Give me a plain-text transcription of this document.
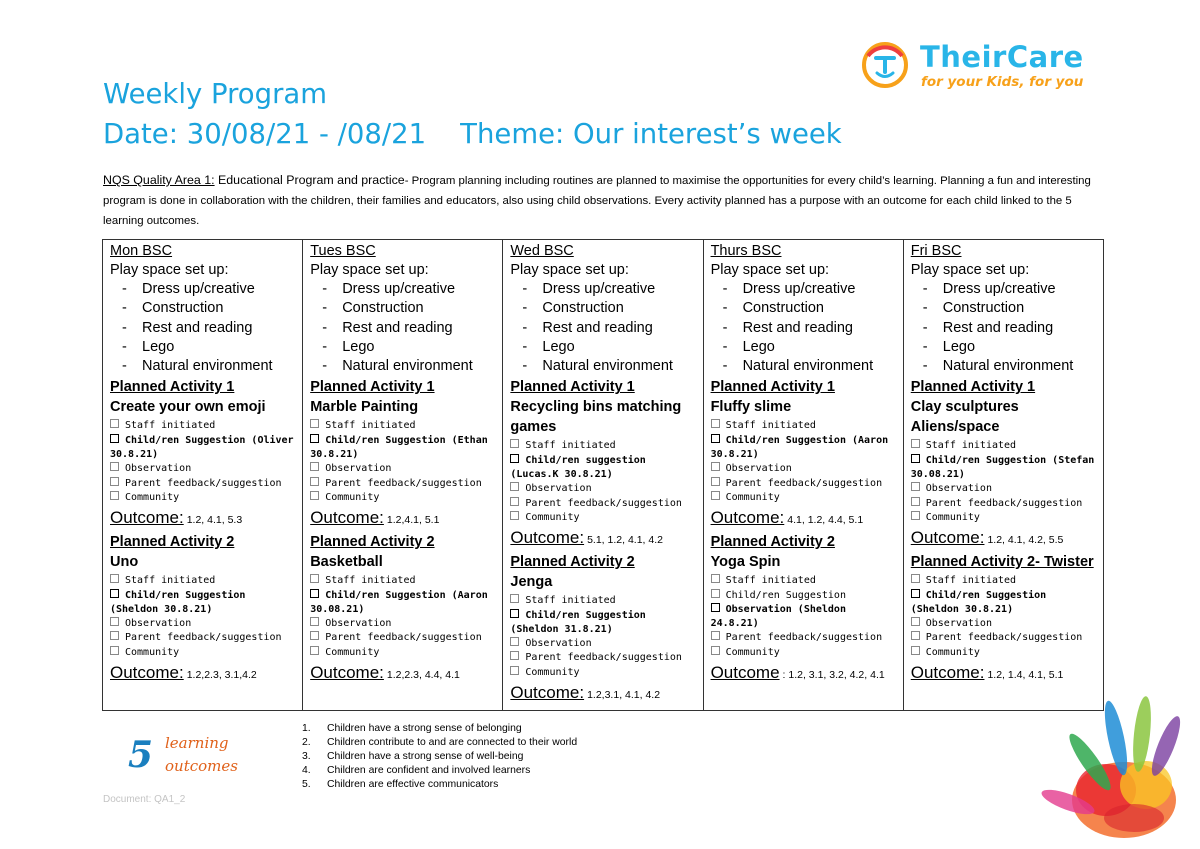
TheirCare
for your Kids, for you
Weekly Program
Date: 30/08/21 - /08/21 Theme: Our interest’s week

NQS Quality Area 1: Educational Program and practice- Program planning including routines are planned to maximise the opportunities for every child’s learning. Planning a fun and interesting program is done in collaboration with the children, their families and educators, also using child observations. Every activity planned has a purpose with an outcome for each child linked to the 5 learning outcomes.

Mon BSC
Play space set up:
- Dress up/creative
- Construction
- Rest and reading
- Lego
- Natural environment
Planned Activity 1
Create your own emoji
Staff initiated
Child/ren Suggestion (Oliver 30.8.21)
Observation
Parent feedback/suggestion
Community
Outcome: 1.2, 4.1, 5.3
Planned Activity 2
Uno
Staff initiated
Child/ren Suggestion (Sheldon 30.8.21)
Observation
Parent feedback/suggestion
Community
Outcome: 1.2,2.3, 3.1,4.2

Tues BSC
Play space set up:
- Dress up/creative
- Construction
- Rest and reading
- Lego
- Natural environment
Planned Activity 1
Marble Painting
Staff initiated
Child/ren Suggestion (Ethan 30.8.21)
Observation
Parent feedback/suggestion
Community
Outcome: 1.2,4.1, 5.1
Planned Activity 2
Basketball
Staff initiated
Child/ren Suggestion (Aaron 30.08.21)
Observation
Parent feedback/suggestion
Community
Outcome: 1.2,2.3, 4.4, 4.1

Wed BSC
Play space set up:
- Dress up/creative
- Construction
- Rest and reading
- Lego
- Natural environment
Planned Activity 1
Recycling bins matching games
Staff initiated
Child/ren suggestion (Lucas.K 30.8.21)
Observation
Parent feedback/suggestion
Community
Outcome: 5.1, 1.2, 4.1, 4.2
Planned Activity 2
Jenga
Staff initiated
Child/ren Suggestion (Sheldon 31.8.21)
Observation
Parent feedback/suggestion
Community
Outcome: 1.2,3.1, 4.1, 4.2

Thurs BSC
Play space set up:
- Dress up/creative
- Construction
- Rest and reading
- Lego
- Natural environment
Planned Activity 1
Fluffy slime
Staff initiated
Child/ren Suggestion (Aaron 30.8.21)
Observation
Parent feedback/suggestion
Community
Outcome: 4.1, 1.2, 4.4, 5.1
Planned Activity 2
Yoga Spin
Staff initiated
Child/ren Suggestion
Observation (Sheldon 24.8.21)
Parent feedback/suggestion
Community
Outcome : 1.2, 3.1, 3.2, 4.2, 4.1

Fri BSC
Play space set up:
- Dress up/creative
- Construction
- Rest and reading
- Lego
- Natural environment
Planned Activity 1
Clay sculptures Aliens/space
Staff initiated
Child/ren Suggestion (Stefan 30.08.21)
Observation
Parent feedback/suggestion
Community
Outcome: 1.2, 4.1, 4.2, 5.5
Planned Activity 2- Twister
Staff initiated
Child/ren Suggestion (Sheldon 30.8.21)
Observation
Parent feedback/suggestion
Community
Outcome: 1.2, 1.4, 4.1, 5.1
5 learning
outcomes
1. Children have a strong sense of belonging
2. Children contribute to and are connected to their world
3. Children have a strong sense of well-being
4. Children are confident and involved learners
5. Children are effective communicators
Document: QA1_2
